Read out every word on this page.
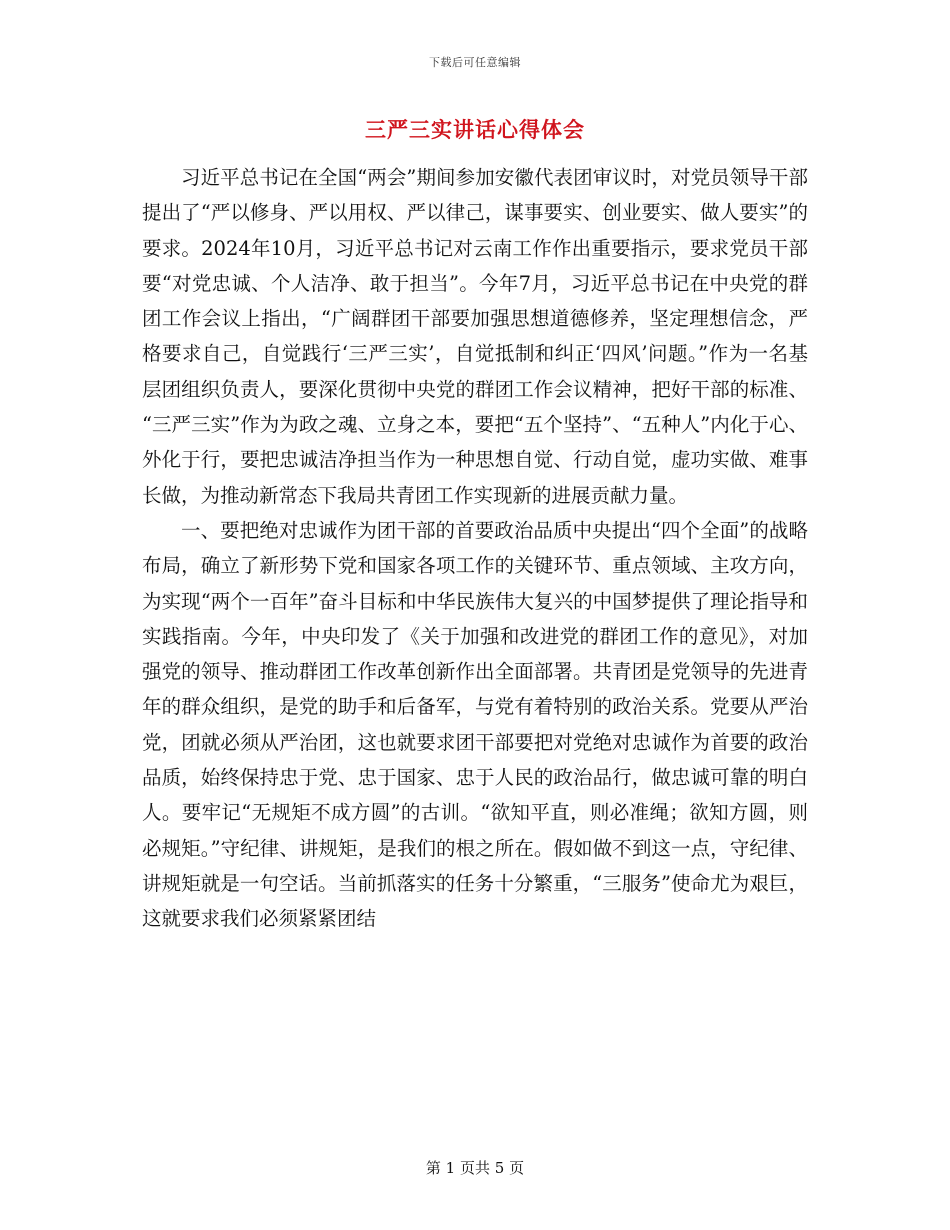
下载后可任意编辑
三严三实讲话心得体会

习近平总书记在全国“两会”期间参加安徽代表团审议时，对党员领导干部提出了“严以修身、严以用权、严以律己，谋事要实、创业要实、做人要实”的要求。2024年10月，习近平总书记对云南工作作出重要指示，要求党员干部要“对党忠诚、个人洁净、敢于担当”。今年7月，习近平总书记在中央党的群团工作会议上指出，“广阔群团干部要加强思想道德修养，坚定理想信念，严格要求自己，自觉践行‘三严三实’，自觉抵制和纠正‘四风’问题。”作为一名基层团组织负责人，要深化贯彻中央党的群团工作会议精神，把好干部的标准、“三严三实”作为为政之魂、立身之本，要把“五个坚持”、“五种人”内化于心、外化于行，要把忠诚洁净担当作为一种思想自觉、行动自觉，虚功实做、难事长做，为推动新常态下我局共青团工作实现新的进展贡献力量。

一、要把绝对忠诚作为团干部的首要政治品质中央提出“四个全面”的战略布局，确立了新形势下党和国家各项工作的关键环节、重点领域、主攻方向，为实现“两个一百年”奋斗目标和中华民族伟大复兴的中国梦提供了理论指导和实践指南。今年，中央印发了《关于加强和改进党的群团工作的意见》，对加强党的领导、推动群团工作改革创新作出全面部署。共青团是党领导的先进青年的群众组织，是党的助手和后备军，与党有着特别的政治关系。党要从严治党，团就必须从严治团，这也就要求团干部要把对党绝对忠诚作为首要的政治品质，始终保持忠于党、忠于国家、忠于人民的政治品行，做忠诚可靠的明白人。要牢记“无规矩不成方圆”的古训。“欲知平直，则必准绳；欲知方圆，则必规矩。”守纪律、讲规矩，是我们的根之所在。假如做不到这一点，守纪律、讲规矩就是一句空话。当前抓落实的任务十分繁重，“三服务”使命尤为艰巨，这就要求我们必须紧紧团结

第 1 页共 5 页
